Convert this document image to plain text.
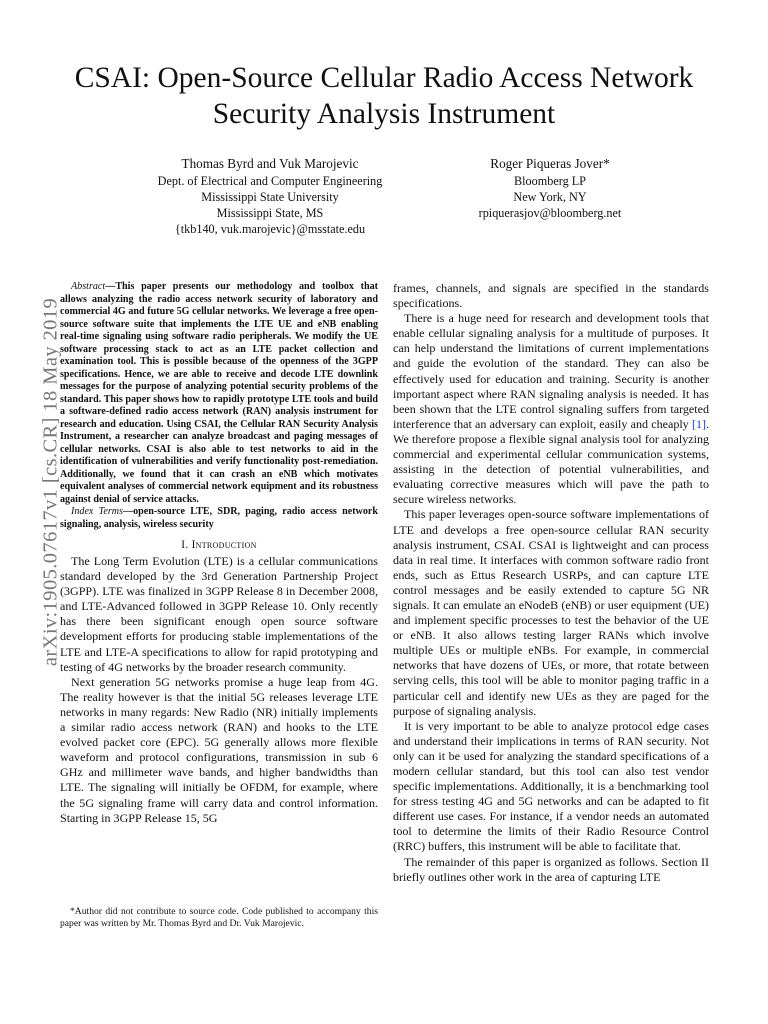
CSAI: Open-Source Cellular Radio Access Network Security Analysis Instrument
Thomas Byrd and Vuk Marojevic
Dept. of Electrical and Computer Engineering
Mississippi State University
Mississippi State, MS
{tkb140, vuk.marojevic}@msstate.edu
Roger Piqueras Jover*
Bloomberg LP
New York, NY
rpiquerasjov@bloomberg.net
arXiv:1905.07617v1 [cs.CR] 18 May 2019

Abstract—This paper presents our methodology and toolbox that allows analyzing the radio access network security of laboratory and commercial 4G and future 5G cellular networks. We leverage a free open-source software suite that implements the LTE UE and eNB enabling real-time signaling using software radio peripherals. We modify the UE software processing stack to act as an LTE packet collection and examination tool. This is possible because of the openness of the 3GPP specifications. Hence, we are able to receive and decode LTE downlink messages for the purpose of analyzing potential security problems of the standard. This paper shows how to rapidly prototype LTE tools and build a software-defined radio access network (RAN) analysis instrument for research and education. Using CSAI, the Cellular RAN Security Analysis Instrument, a researcher can analyze broadcast and paging messages of cellular networks. CSAI is also able to test networks to aid in the identification of vulnerabilities and verify functionality post-remediation. Additionally, we found that it can crash an eNB which motivates equivalent analyses of commercial network equipment and its robustness against denial of service attacks.

Index Terms—open-source LTE, SDR, paging, radio access network signaling, analysis, wireless security

I. Introduction

The Long Term Evolution (LTE) is a cellular communications standard developed by the 3rd Generation Partnership Project (3GPP). LTE was finalized in 3GPP Release 8 in December 2008, and LTE-Advanced followed in 3GPP Release 10. Only recently has there been significant enough open source software development efforts for producing stable implementations of the LTE and LTE-A specifications to allow for rapid prototyping and testing of 4G networks by the broader research community.

Next generation 5G networks promise a huge leap from 4G. The reality however is that the initial 5G releases leverage LTE networks in many regards: New Radio (NR) initially implements a similar radio access network (RAN) and hooks to the LTE evolved packet core (EPC). 5G generally allows more flexible waveform and protocol configurations, transmission in sub 6 GHz and millimeter wave bands, and higher bandwidths than LTE. The signaling will initially be OFDM, for example, where the 5G signaling frame will carry data and control information. Starting in 3GPP Release 15, 5G

frames, channels, and signals are specified in the standards specifications.

There is a huge need for research and development tools that enable cellular signaling analysis for a multitude of purposes. It can help understand the limitations of current implementations and guide the evolution of the standard. They can also be effectively used for education and training. Security is another important aspect where RAN signaling analysis is needed. It has been shown that the LTE control signaling suffers from targeted interference that an adversary can exploit, easily and cheaply [1]. We therefore propose a flexible signal analysis tool for analyzing commercial and experimental cellular communication systems, assisting in the detection of potential vulnerabilities, and evaluating corrective measures which will pave the path to secure wireless networks.

This paper leverages open-source software implementations of LTE and develops a free open-source cellular RAN security analysis instrument, CSAI. CSAI is lightweight and can process data in real time. It interfaces with common software radio front ends, such as Ettus Research USRPs, and can capture LTE control messages and be easily extended to capture 5G NR signals. It can emulate an eNodeB (eNB) or user equipment (UE) and implement specific processes to test the behavior of the UE or eNB. It also allows testing larger RANs which involve multiple UEs or multiple eNBs. For example, in commercial networks that have dozens of UEs, or more, that rotate between serving cells, this tool will be able to monitor paging traffic in a particular cell and identify new UEs as they are paged for the purpose of signaling analysis.

It is very important to be able to analyze protocol edge cases and understand their implications in terms of RAN security. Not only can it be used for analyzing the standard specifications of a modern cellular standard, but this tool can also test vendor specific implementations. Additionally, it is a benchmarking tool for stress testing 4G and 5G networks and can be adapted to fit different use cases. For instance, if a vendor needs an automated tool to determine the limits of their Radio Resource Control (RRC) buffers, this instrument will be able to facilitate that.

The remainder of this paper is organized as follows. Section II briefly outlines other work in the area of capturing LTE

*Author did not contribute to source code. Code published to accompany this paper was written by Mr. Thomas Byrd and Dr. Vuk Marojevic.
